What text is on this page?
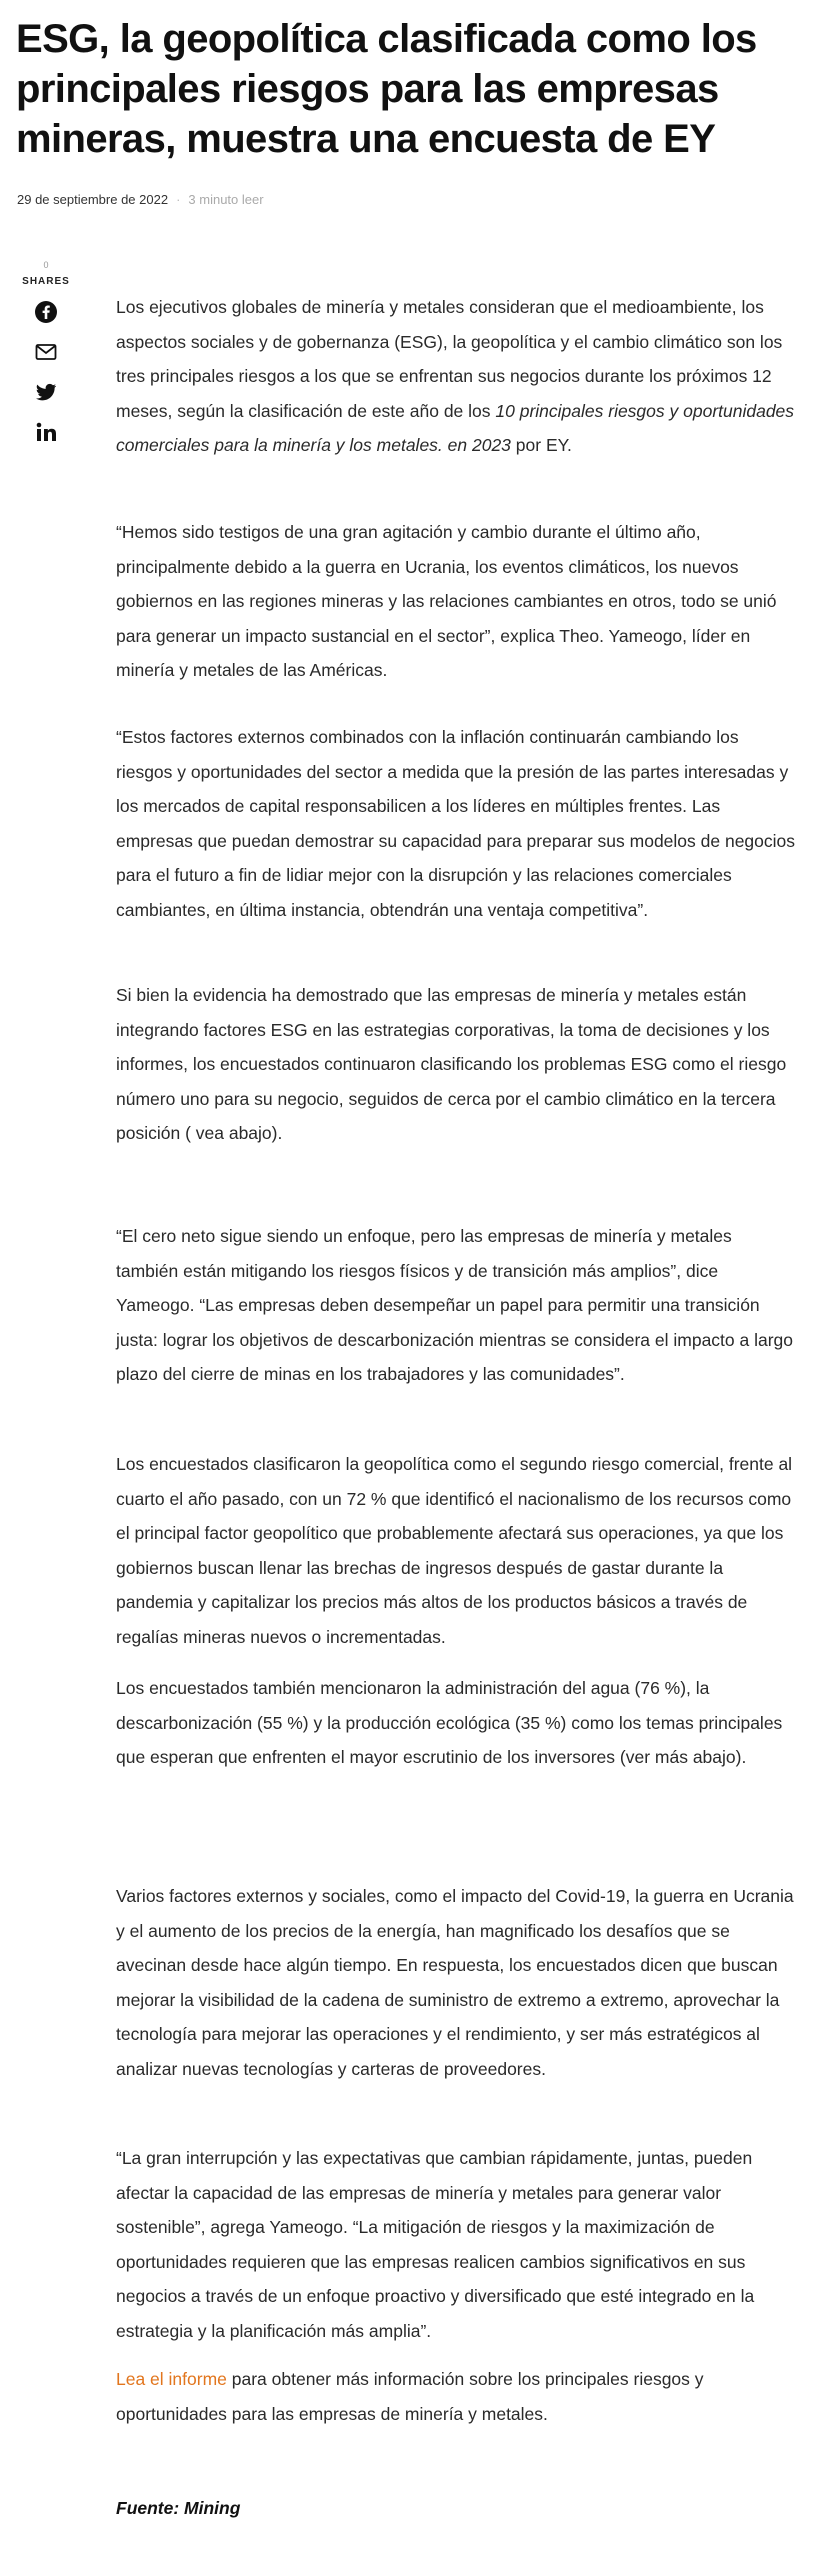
ESG, la geopolítica clasificada como los principales riesgos para las empresas mineras, muestra una encuesta de EY
29 de septiembre de 2022 · 3 minuto leer
0
SHARES

Los ejecutivos globales de minería y metales consideran que el medioambiente, los aspectos sociales y de gobernanza (ESG), la geopolítica y el cambio climático son los tres principales riesgos a los que se enfrentan sus negocios durante los próximos 12 meses, según la clasificación de este año de los 10 principales riesgos y oportunidades comerciales para la minería y los metales. en 2023 por EY.

“Hemos sido testigos de una gran agitación y cambio durante el último año, principalmente debido a la guerra en Ucrania, los eventos climáticos, los nuevos gobiernos en las regiones mineras y las relaciones cambiantes en otros, todo se unió para generar un impacto sustancial en el sector”, explica Theo. Yameogo, líder en minería y metales de las Américas.

“Estos factores externos combinados con la inflación continuarán cambiando los riesgos y oportunidades del sector a medida que la presión de las partes interesadas y los mercados de capital responsabilicen a los líderes en múltiples frentes. Las empresas que puedan demostrar su capacidad para preparar sus modelos de negocios para el futuro a fin de lidiar mejor con la disrupción y las relaciones comerciales cambiantes, en última instancia, obtendrán una ventaja competitiva”.

Si bien la evidencia ha demostrado que las empresas de minería y metales están integrando factores ESG en las estrategias corporativas, la toma de decisiones y los informes, los encuestados continuaron clasificando los problemas ESG como el riesgo número uno para su negocio, seguidos de cerca por el cambio climático en la tercera posición ( vea abajo).

“El cero neto sigue siendo un enfoque, pero las empresas de minería y metales también están mitigando los riesgos físicos y de transición más amplios”, dice Yameogo. “Las empresas deben desempeñar un papel para permitir una transición justa: lograr los objetivos de descarbonización mientras se considera el impacto a largo plazo del cierre de minas en los trabajadores y las comunidades”.

Los encuestados clasificaron la geopolítica como el segundo riesgo comercial, frente al cuarto el año pasado, con un 72 % que identificó el nacionalismo de los recursos como el principal factor geopolítico que probablemente afectará sus operaciones, ya que los gobiernos buscan llenar las brechas de ingresos después de gastar durante la pandemia y capitalizar los precios más altos de los productos básicos a través de regalías mineras nuevos o incrementadas.

Los encuestados también mencionaron la administración del agua (76 %), la descarbonización (55 %) y la producción ecológica (35 %) como los temas principales que esperan que enfrenten el mayor escrutinio de los inversores (ver más abajo).

Varios factores externos y sociales, como el impacto del Covid-19, la guerra en Ucrania y el aumento de los precios de la energía, han magnificado los desafíos que se avecinan desde hace algún tiempo. En respuesta, los encuestados dicen que buscan mejorar la visibilidad de la cadena de suministro de extremo a extremo, aprovechar la tecnología para mejorar las operaciones y el rendimiento, y ser más estratégicos al analizar nuevas tecnologías y carteras de proveedores.

“La gran interrupción y las expectativas que cambian rápidamente, juntas, pueden afectar la capacidad de las empresas de minería y metales para generar valor sostenible”, agrega Yameogo. “La mitigación de riesgos y la maximización de oportunidades requieren que las empresas realicen cambios significativos en sus negocios a través de un enfoque proactivo y diversificado que esté integrado en la estrategia y la planificación más amplia”.

Lea el informe para obtener más información sobre los principales riesgos y oportunidades para las empresas de minería y metales.

Fuente: Mining
